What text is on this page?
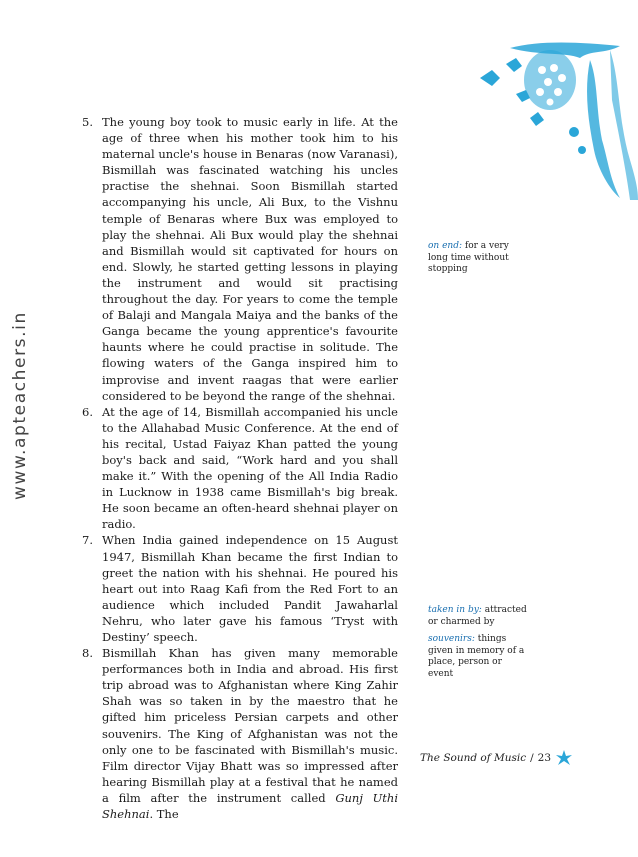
www.apteachers.in

5. The young boy took to music early in life. At the age of three when his mother took him to his maternal uncle's house in Benaras (now Varanasi), Bismillah was fascinated watching his uncles practise the shehnai. Soon Bismillah started accompanying his uncle, Ali Bux, to the Vishnu temple of Benaras where Bux was employed to play the shehnai. Ali Bux would play the shehnai and Bismillah would sit captivated for hours on end. Slowly, he started getting lessons in playing the instrument and would sit practising throughout the day. For years to come the temple of Balaji and Mangala Maiya and the banks of the Ganga became the young apprentice's favourite haunts where he could practise in solitude. The flowing waters of the Ganga inspired him to improvise and invent raagas that were earlier considered to be beyond the range of the shehnai.

6. At the age of 14, Bismillah accompanied his uncle to the Allahabad Music Conference. At the end of his recital, Ustad Faiyaz Khan patted the young boy's back and said, “Work hard and you shall make it.” With the opening of the All India Radio in Lucknow in 1938 came Bismillah's big break. He soon became an often-heard shehnai player on radio.

7. When India gained independence on 15 August 1947, Bismillah Khan became the first Indian to greet the nation with his shehnai. He poured his heart out into Raag Kafi from the Red Fort to an audience which included Pandit Jawaharlal Nehru, who later gave his famous ‘Tryst with Destiny’ speech.

8. Bismillah Khan has given many memorable performances both in India and abroad. His first trip abroad was to Afghanistan where King Zahir Shah was so taken in by the maestro that he gifted him priceless Persian carpets and other souvenirs. The King of Afghanistan was not the only one to be fascinated with Bismillah's music. Film director Vijay Bhatt was so impressed after hearing Bismillah play at a festival that he named a film after the instrument called Gunj Uthi Shehnai. The

on end: for a very long time without stopping

taken in by: attracted or charmed by

souvenirs: things given in memory of a place, person or event

The Sound of Music / 23
